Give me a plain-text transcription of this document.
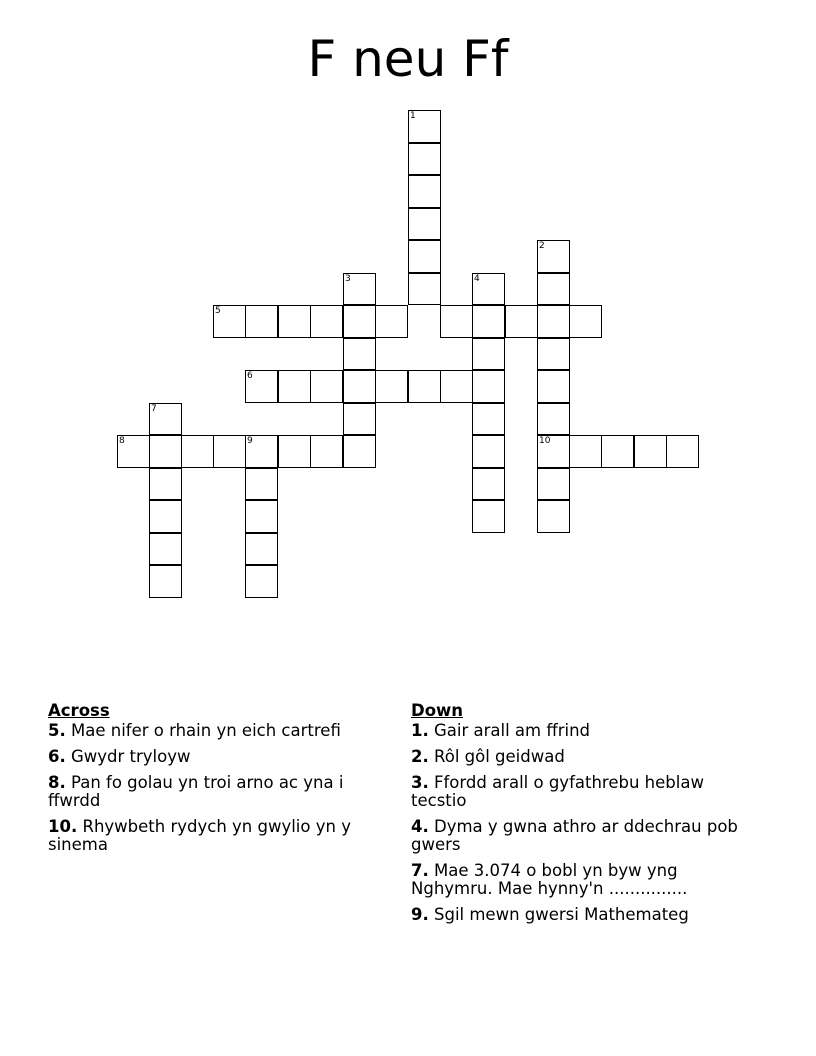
F neu Ff
1
2
10
3	4
5
6
7
8	9
Across
5. Mae nifer o rhain yn eich cartrefi
6. Gwydr tryloyw
8. Pan fo golau yn troi arno ac yna i ffwrdd
10. Rhywbeth rydych yn gwylio yn y sinema
Down
1. Gair arall am ffrind
2. Rôl gôl geidwad
3. Ffordd arall o gyfathrebu heblaw tecstio
4. Dyma y gwna athro ar ddechrau pob gwers
7. Mae 3.074 o bobl yn byw yng Nghymru. Mae hynny'n ...............
9. Sgil mewn gwersi Mathemateg
